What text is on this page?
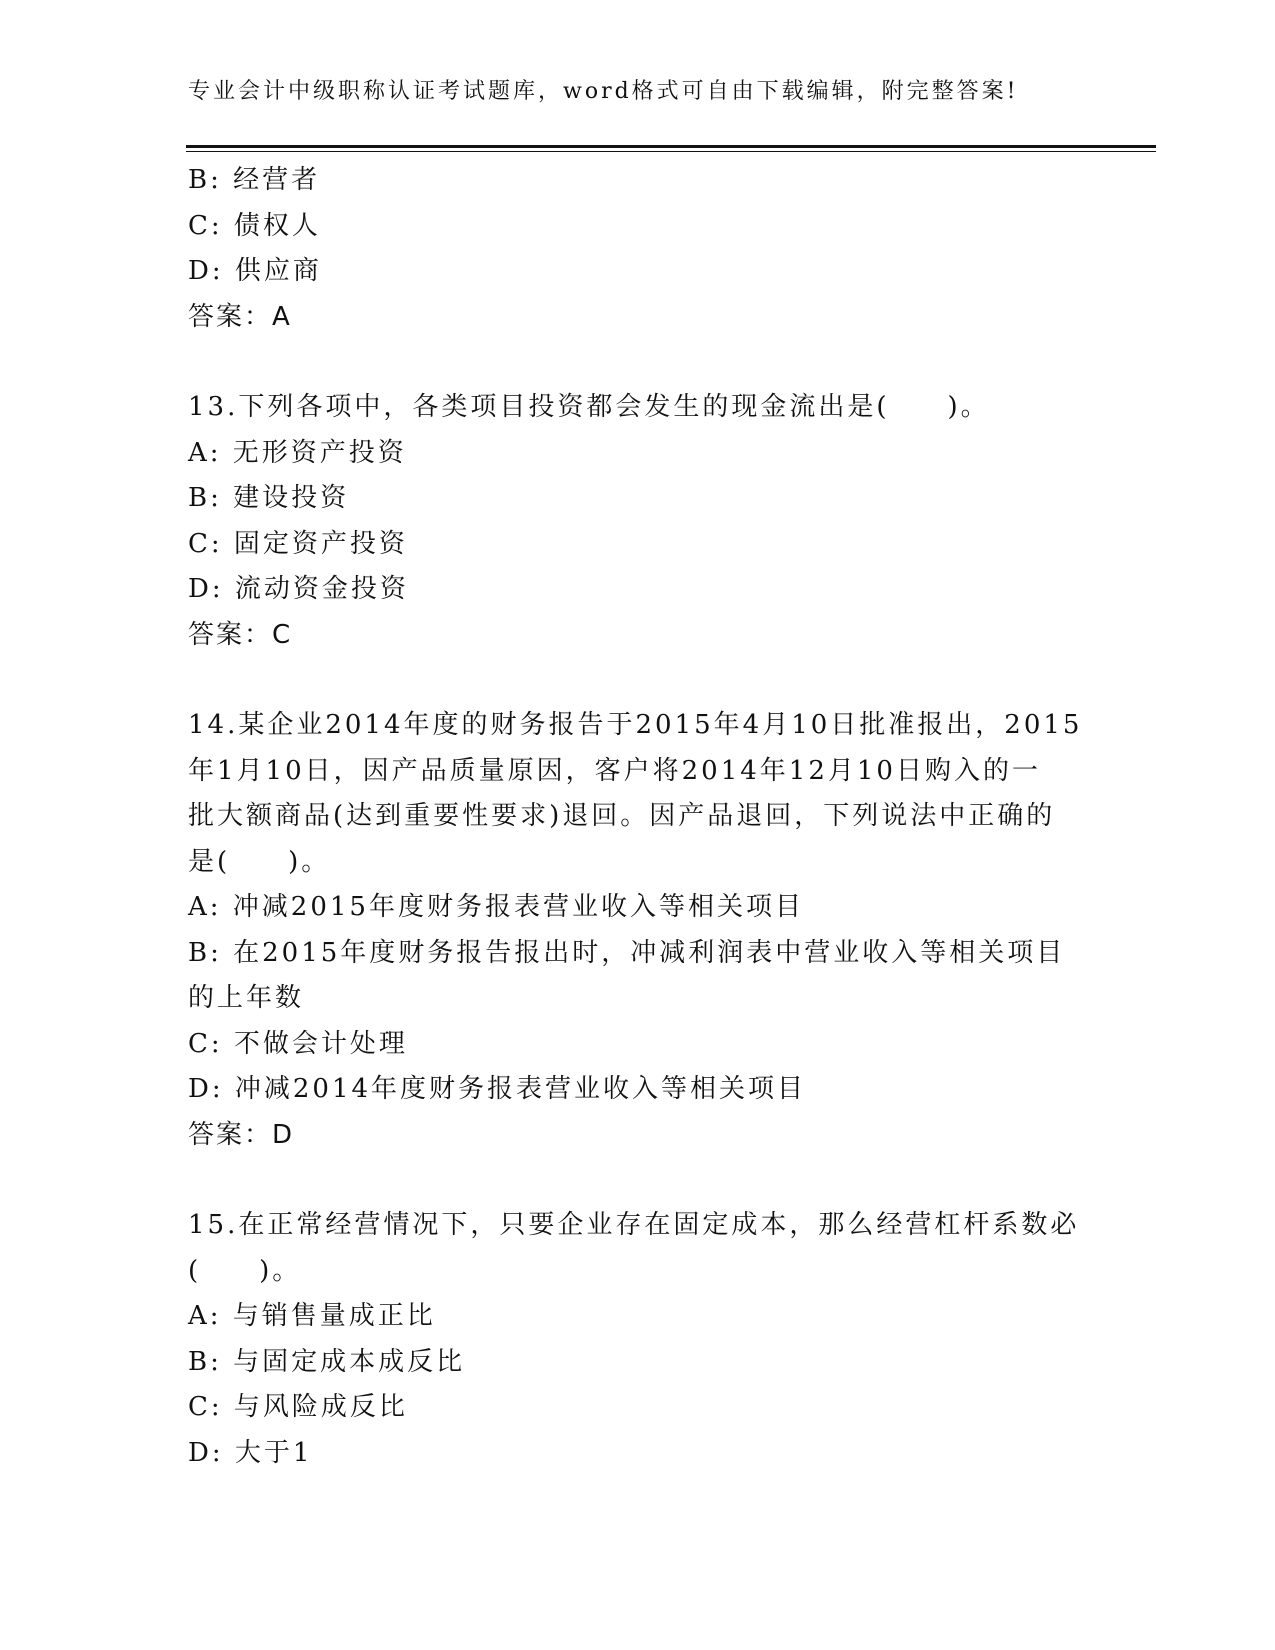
专业会计中级职称认证考试题库，word格式可自由下载编辑，附完整答案!
B: 经营者
C: 债权人
D: 供应商
答案：A
13.下列各项中，各类项目投资都会发生的现金流出是(　　)。
A: 无形资产投资
B: 建设投资
C: 固定资产投资
D: 流动资金投资
答案：C
14.某企业2014年度的财务报告于2015年4月10日批准报出，2015
年1月10日，因产品质量原因，客户将2014年12月10日购入的一
批大额商品(达到重要性要求)退回。因产品退回，下列说法中正确的
是(　　)。
A: 冲减2015年度财务报表营业收入等相关项目
B: 在2015年度财务报告报出时，冲减利润表中营业收入等相关项目
的上年数
C: 不做会计处理
D: 冲减2014年度财务报表营业收入等相关项目
答案：D
15.在正常经营情况下，只要企业存在固定成本，那么经营杠杆系数必
(　　)。
A: 与销售量成正比
B: 与固定成本成反比
C: 与风险成反比
D: 大于1
